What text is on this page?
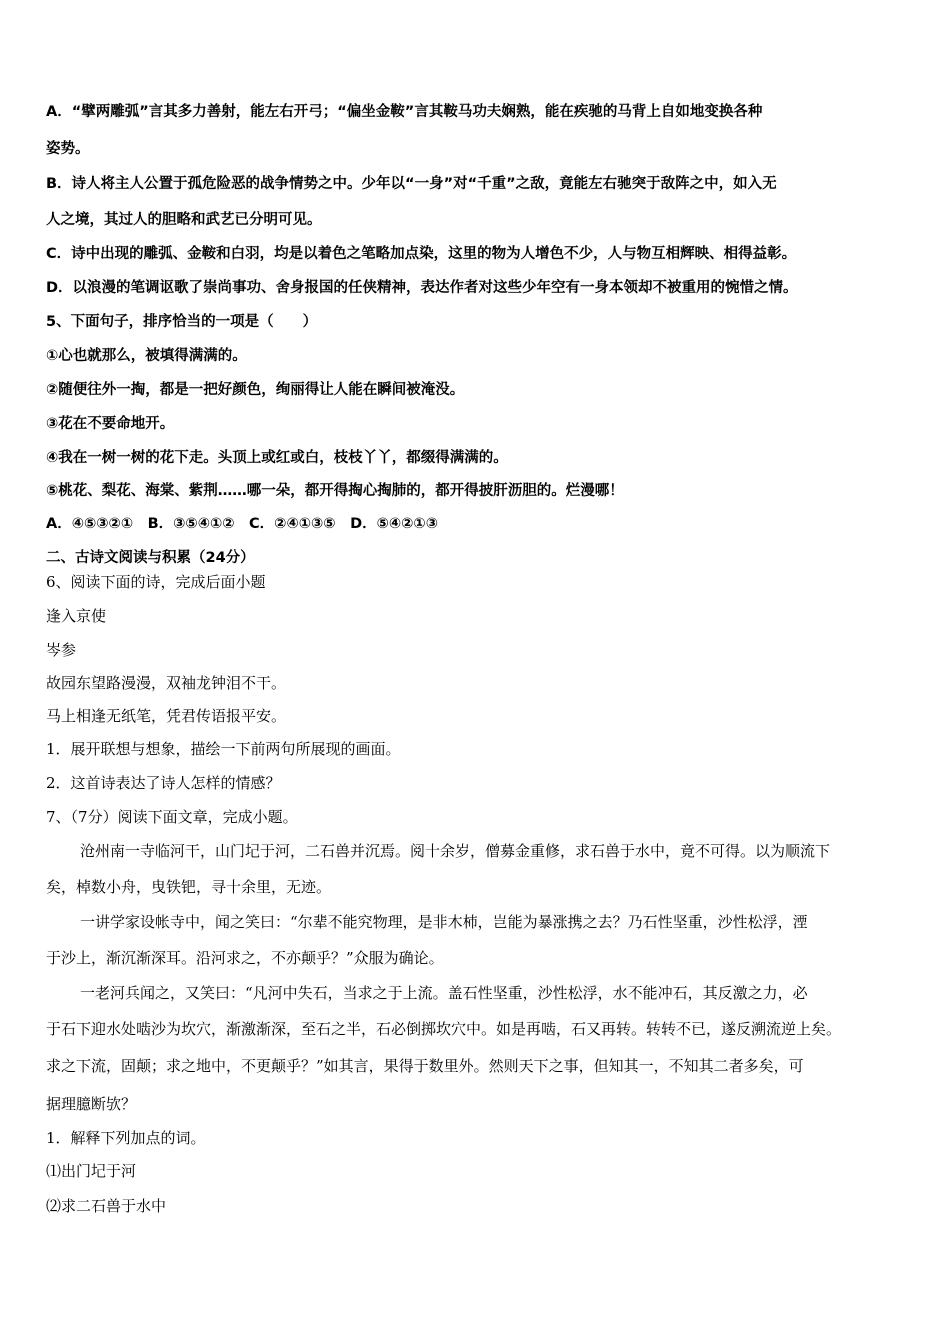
A．“擘两雕弧”言其多力善射，能左右开弓；“偏坐金鞍”言其鞍马功夫娴熟，能在疾驰的马背上自如地变换各种
姿势。
B．诗人将主人公置于孤危险恶的战争情势之中。少年以“一身”对“千重”之敌，竟能左右驰突于敌阵之中，如入无
人之境，其过人的胆略和武艺已分明可见。
C．诗中出现的雕弧、金鞍和白羽，均是以着色之笔略加点染，这里的物为人增色不少，人与物互相辉映、相得益彰。
D．以浪漫的笔调讴歌了崇尚事功、舍身报国的任侠精神，表达作者对这些少年空有一身本领却不被重用的惋惜之情。
5、下面句子，排序恰当的一项是（　　）
①心也就那么，被填得满满的。
②随便往外一掏，都是一把好颜色，绚丽得让人能在瞬间被淹没。
③花在不要命地开。
④我在一树一树的花下走。头顶上或红或白，枝枝丫丫，都缀得满满的。
⑤桃花、梨花、海棠、紫荆……哪一朵，都开得掏心掏肺的，都开得披肝沥胆的。烂漫哪！
A．④⑤③②①　B．③⑤④①②　C．②④①③⑤　D．⑤④②①③
二、古诗文阅读与积累（24分）
6、阅读下面的诗，完成后面小题
逢入京使
岑参
故园东望路漫漫，双袖龙钟泪不干。
马上相逢无纸笔，凭君传语报平安。
1．展开联想与想象，描绘一下前两句所展现的画面。
2．这首诗表达了诗人怎样的情感？
7、（7分）阅读下面文章，完成小题。
沧州南一寺临河干，山门圮于河，二石兽并沉焉。阅十余岁，僧募金重修，求石兽于水中，竟不可得。以为顺流下
矣，棹数小舟，曳铁钯，寻十余里，无迹。
一讲学家设帐寺中，闻之笑曰：“尔辈不能究物理，是非木杮，岂能为暴涨携之去？乃石性坚重，沙性松浮，湮
于沙上，渐沉渐深耳。沿河求之，不亦颠乎？”众服为确论。
一老河兵闻之，又笑曰：“凡河中失石，当求之于上流。盖石性坚重，沙性松浮，水不能冲石，其反激之力，必
于石下迎水处啮沙为坎穴，渐激渐深，至石之半，石必倒掷坎穴中。如是再啮，石又再转。转转不已，遂反溯流逆上矣。
求之下流，固颠；求之地中，不更颠乎？”如其言，果得于数里外。然则天下之事，但知其一，不知其二者多矣，可
据理臆断欤？
1．解释下列加点的词。
⑴出门圮于河
⑵求二石兽于水中
